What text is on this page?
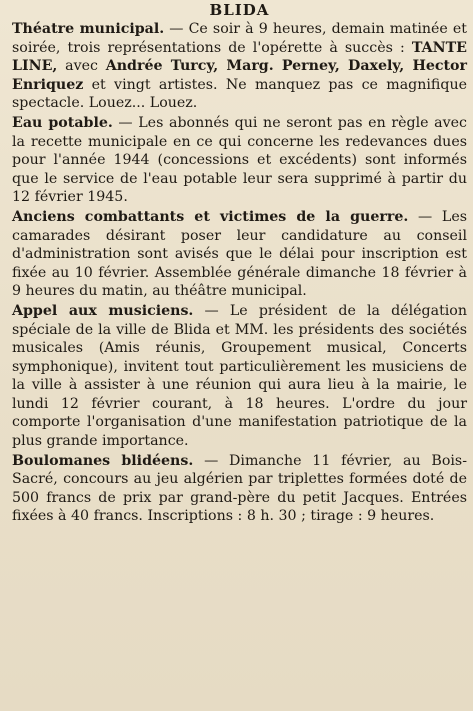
BLIDA

Théatre municipal. — Ce soir à 9 heures, demain matinée et soirée, trois représentations de l'opérette à succès : TANTE LINE, avec Andrée Turcy, Marg. Perney, Daxely, Hector Enriquez et vingt artistes. Ne manquez pas ce magnifique spectacle. Louez... Louez.

Eau potable. — Les abonnés qui ne seront pas en règle avec la recette municipale en ce qui concerne les redevances dues pour l'année 1944 (concessions et excédents) sont informés que le service de l'eau potable leur sera supprimé à partir du 12 février 1945.

Anciens combattants et victimes de la guerre. — Les camarades désirant poser leur candidature au conseil d'administration sont avisés que le délai pour inscription est fixée au 10 février. Assemblée générale dimanche 18 février à 9 heures du matin, au théâtre municipal.

Appel aux musiciens. — Le président de la délégation spéciale de la ville de Blida et MM. les présidents des sociétés musicales (Amis réunis, Groupement musical, Concerts symphonique), invitent tout particulièrement les musiciens de la ville à assister à une réunion qui aura lieu à la mairie, le lundi 12 février courant, à 18 heures. L'ordre du jour comporte l'organisation d'une manifestation patriotique de la plus grande importance.

Boulomanes blidéens. — Dimanche 11 février, au Bois-Sacré, concours au jeu algérien par triplettes formées doté de 500 francs de prix par grand-père du petit Jacques. Entrées fixées à 40 francs. Inscriptions : 8 h. 30 ; tirage : 9 heures.
